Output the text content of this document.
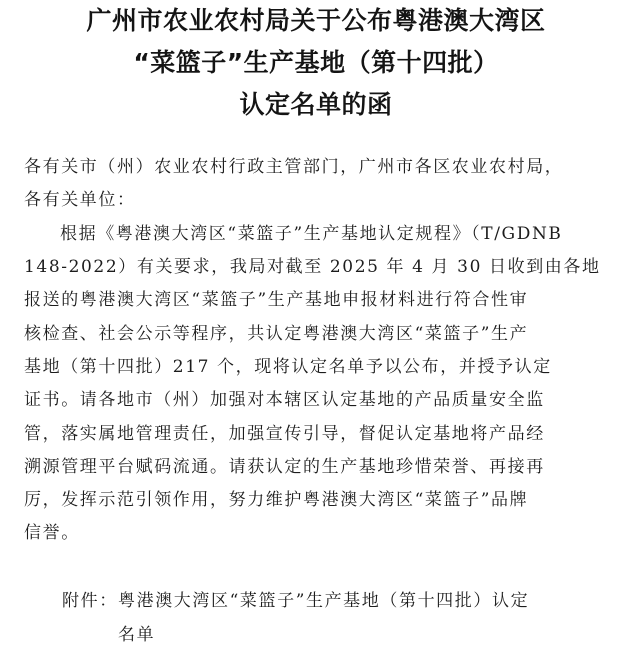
广州市农业农村局关于公布粤港澳大湾区
“菜篮子”生产基地（第十四批）
认定名单的函
各有关市（州）农业农村行政主管部门，广州市各区农业农村局，
各有关单位：
根据《粤港澳大湾区“菜篮子”生产基地认定规程》（T/GDNB
148-2022）有关要求，我局对截至 2025 年 4 月 30 日收到由各地
报送的粤港澳大湾区“菜篮子”生产基地申报材料进行符合性审
核检查、社会公示等程序，共认定粤港澳大湾区“菜篮子”生产
基地（第十四批）217 个，现将认定名单予以公布，并授予认定
证书。请各地市（州）加强对本辖区认定基地的产品质量安全监
管，落实属地管理责任，加强宣传引导，督促认定基地将产品经
溯源管理平台赋码流通。请获认定的生产基地珍惜荣誉、再接再
厉，发挥示范引领作用，努力维护粤港澳大湾区“菜篮子”品牌
信誉。
附件： 粤港澳大湾区“菜篮子”生产基地（第十四批）认定
名单
